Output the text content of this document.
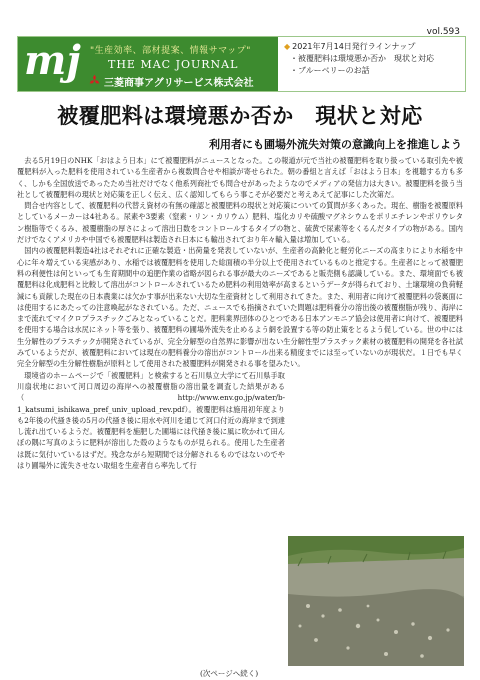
vol.593
mj "生産効率、部材提案、情報サマップ"
THE MAC JOURNAL
三菱商事アグリサービス株式会社
◆ 2021年7月14日発行ラインナップ
・被覆肥料は環境悪か否か　現状と対応
・ブルーベリーのお話
被覆肥料は環境悪か否か　現状と対応
利用者にも圃場外流失対策の意識向上を推進しよう

去る5月19日のNHK「おはよう日本」にて被覆肥料がニュースとなった。この報道が元で当社の被覆肥料を取り扱っている取引先や被覆肥料が入った肥料を使用されている生産者から複数問合せや相談が寄せられた。朝の番組と言えば「おはよう日本」を視聴する方も多く、しかも全国放送であったため当社だけでなく他系列商社でも問合せがあったようなのでメディアの発信力は大きい。被覆肥料を扱う当社として被覆肥料の現状と対応策を正しく伝え、広く認知してもらう事こそが必要だと考えあえて記事にした次第だ。

問合せ内容として、被覆肥料の代替え資材の有無の確認と被覆肥料の現状と対応策についての質問が多くあった。現在、樹脂を被覆原料としているメーカーは4社ある。尿素や3要素（窒素・リン・カリウム）肥料、塩化カリや硫酸マグネシウムをポリエチレンやポリウレタン樹脂等でくるみ、被覆樹脂の厚さによって溶出日数をコントロールするタイプの物と、硫黄で尿素等をくるんだタイプの物がある。国内だけでなくアメリカや中国でも被覆肥料は製造され日本にも輸出されており年々輸入量は増加している。

国内の被覆肥料製造4社はそれぞれに正確な製造・出荷量を発表していないが、生産者の高齢化と軽労化ニーズの高まりにより水稲を中心に年々増えている実感があり、水稲では被覆肥料を使用した総面積の半分以上で使用されているものと推定する。生産者にとって被覆肥料の利便性は何といっても生育期間中の追肥作業の省略が図られる事が最大のニーズであると販売側も認識している。また、環境面でも被覆肥料は化成肥料と比較して溶出がコントロールされているため肥料の利用効率が高まるというデータが得られており、土壌環境の負荷軽減にも貢献した現在の日本農業には欠かす事が出来ない大切な生産資材として利用されてきた。また、利用者に向けて被覆肥料の袋裏面には使用するにあたっての注意喚起がなされている。ただ、ニュースでも指摘されていた問題は肥料養分の溶出後の被覆樹脂が残り、海岸にまで流れてマイクロプラスチックごみとなっていることだ。肥料業界団体のひとつである日本アンモニア協会は使用者に向けて、被覆肥料を使用する場合は水尻にネット等を張り、被覆肥料の圃場外流失を止めるよう網を設置する等の防止策をとるよう促している。世の中には生分解性のプラスチックが開発されているが、完全分解型の自然界に影響が出ない生分解性型プラスチック素材の被覆肥料の開発を各社試みているようだが、被覆肥料においては現在の肥料養分の溶出がコントロール出来る精度までには至っていないのが現状だ。１日でも早く完全分解型の生分解性樹脂が原料として使用された被覆肥料が開発される事を望みたい。

環境省のホームページで「被覆肥料」と検索すると石川県立大学にて石川県手取川扇状地において河口周辺の海岸への被覆樹脂の溶出量を調査した結果がある（http://www.env.go.jp/water/b-1_katsumi_ishikawa_pref_univ_upload_rev.pdf）。被覆肥料は施用初年度よりも2年後の代掻き後の5月の代掻き後に用水や河川を通じて河口付近の海岸まで到達し流れ出ているようだ。被覆肥料を施肥した圃場には代掻き後に風に吹かれて田んぼの隅に写真のように肥料が溶出した殻のようなものが見られる。使用した生産者は既に気付いているはずだ。残念ながら短期間では分解されるものではないのでやはり圃場外に流失させない取組を生産者自ら率先して行

(次ページへ続く)
